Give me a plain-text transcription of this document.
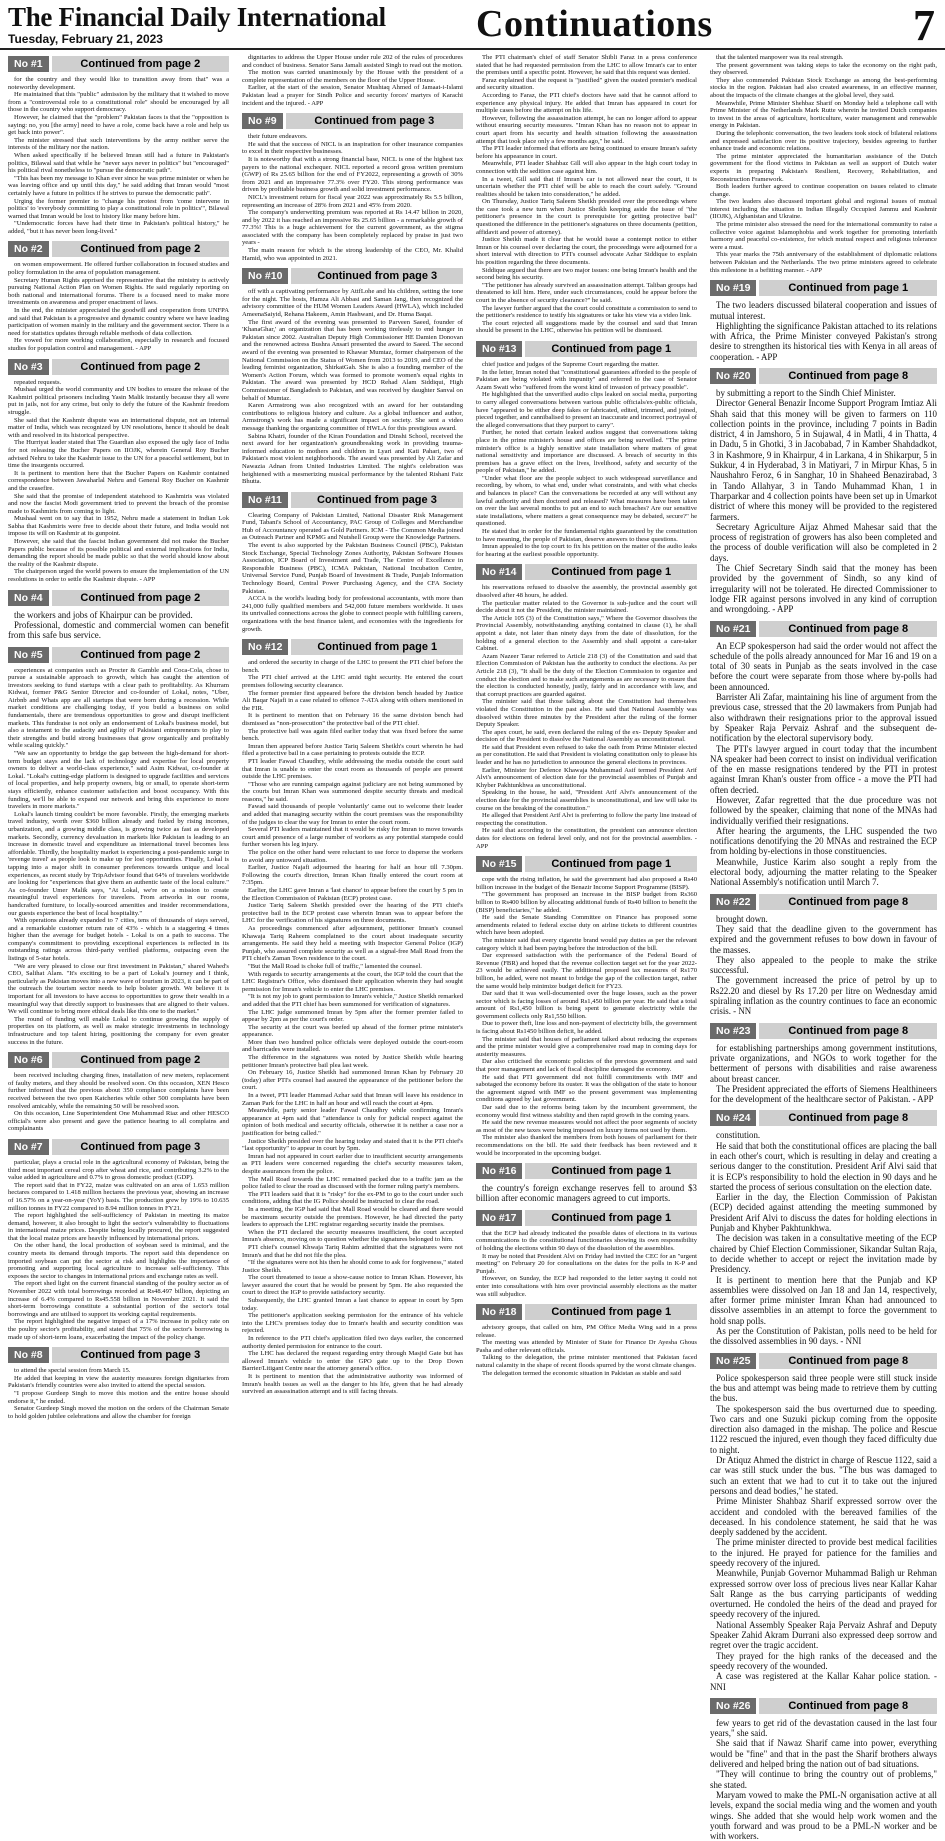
The Financial Daily International
Tuesday, February 21, 2023	Continuations	7
No #1	Continued from page 2

for the country and they would like to transition away from that" was a noteworthy development.

He maintained that this "public" admission by the military that it wished to move from a "controversial role to a constitutional role" should be encouraged by all those in the country who support democracy.

However, he claimed that the "problem" Pakistan faces is that the "opposition is saying: no, you [the army] need to have a role, come back have a role and help us get back into power".

The minister stressed that such interventions by the army neither serve the interests of the military nor the nation.

When asked specifically if he believed Imran still had a future in Pakistan's politics, Bilawal said that while he "never says never in politics" but "encouraged" his political rival nonetheless to "pursue the democratic path".

"This has been my message to Khan ever since he was prime minister or when he was leaving office and up until this day," he said adding that Imran would "most certainly have a future in politics if he strives to pursue the democratic path".

Urging the former premier to "change his protest from 'come intervene in politics' to 'everybody committing to play a constitutional role in politics'", Bilawal warned that Imran would be lost to history like many before him.

"Undemocratic forces have had their time in Pakistan's political history," he added, "but it has never been long-lived."

No #2	Continued from page 2

on women empowerment. He offered further collaboration in focused studies and policy formulation in the area of population management.

Secretary Human Rights apprised the representative that the ministry is actively pursuing National Action Plan on Women Rights. He said regularly reporting on both national and international forums. There is a focused need to make more investments on awareness and proper enactment of laws.

In the end, the minister appreciated the goodwill and cooperation from UNFPA and said that Pakistan is a progressive and dynamic country where we have leading participation of women mainly in the military and the government sector. There is a need for statistics updates through reliable methods of data collection.

He vowed for more working collaboration, especially in research and focused studies for population control and management. - APP

No #3	Continued from page 2

repeated requests.

Mushaal urged the world community and UN bodies to ensure the release of the Kashmiri political prisoners including Yasin Malik instantly because they all were put in jails, not for any crime, but only to defy the future of the Kashmir freedom struggle.

She said that the Kashmir dispute was an international dispute, not an internal matter of India, which was recognized by UN resolutions, hence it should be dealt with and resolved in its historical perspective.

The Hurriyat leader stated that The Guardian also exposed the ugly face of India for not releasing the Bucher Papers on IIOJK, wherein General Roy Bucher advised Nehru to take the Kashmir issue to the UN for a peaceful settlement, but in time the insurgents occurred.

It is pertinent to mention here that the Bucher Papers on Kashmir contained correspondence between Jawaharlal Nehru and General Roy Bucher on Kashmir and the ceasefire.

She said that the promise of independent statehood to Kashmiris was violated and now the fascist Modi government tried to prevent the breach of the promise made to Kashmiris from coming to light.

Mushaal went on to say that in 1952, Nehru made a statement in Indian Lok Sabha that Kashmiris were free to decide about their future, and India would not impose its will on Kashmir at its gunpoint.

However, she said that the fascist Indian government did not make the Bucher Papers public because of its possible political and external implications for India, demanding the report should be made public so that the world should know about the reality of the Kashmir dispute.

The chairperson urged the world powers to ensure the implementation of the UN resolutions in order to settle the Kashmir dispute. - APP

No #4	Continued from page 2

the workers and jobs of Khairpur can be provided.

Professional, domestic and commercial women can benefit from this safe bus service.

No #5	Continued from page 2

experiences at companies such as Procter & Gamble and Coca-Cola, chose to pursue a sustainable approach to growth, which has caught the attention of investors seeking to fund startups with a clear path to profitability. As Khurram Kidwai, former P&G Senior Director and co-founder of Lokal, notes, "Uber, Airbnb and Whats app are all startups that were born during a recession. While market conditions are challenging today, if you build a business on solid fundamentals, there are tremendous opportunities to grow and disrupt inefficient markets. This fundraise is not only an endorsement of Lokal's business model, but also a testament to the audacity and agility of Pakistani entrepreneurs to play to their strengths and build strong businesses that grow organically and profitably while scaling quickly."

"We saw an opportunity to bridge the gap between the high-demand for short-term budget stays and the lack of technology and expertise for local property owners to deliver a world-class experience," said Asim Kidwai, co-founder at Lokal. "Lokal's cutting-edge platform is designed to upgrade facilities and services of local properties, and help property owners, big or small, to operate short-term stays efficiently, enhance customer satisfaction and boost occupancy. With this funding, we'll be able to expand our network and bring this experience to more travelers in more markets."

Lokal's launch timing couldn't be more favorable. Firstly, the emerging markets travel industry, worth over $360 billion already and fueled by rising incomes, urbanization, and a growing middle class, is growing twice as fast as developed markets. Secondly, currency devaluation in markets like Pakistan is leading to an increase in domestic travel and expenditure as international travel becomes less affordable. Thirdly, the hospitality market is experiencing a post-pandemic surge in 'revenge travel' as people look to make up for lost opportunities. Finally, Lokal is tapping into a major shift in consumer preferences towards unique and local experiences, as recent study by TripAdvisor found that 64% of travelers worldwide are looking for "experiences that give them an authentic taste of the local culture." As co-founder Umer Malik says, "At Lokal, we're on a mission to create meaningful travel experiences for travelers. From artworks in our rooms, handcrafted furniture, to locally-sourced amenities and insider recommendations, our guests experience the best of local hospitality."

With operations already expanded to 7 cities, tens of thousands of stays served, and a remarkable customer return rate of 43% - which is a staggering 4 times higher than the average for budget hotels - Lokal is on a path to success. The company's commitment to providing exceptional experiences is reflected in its outstanding ratings across third-party verified platforms, outpacing even the listings of 5-star hotels.

"We are very pleased to close our first investment in Pakistan," shared Wahed's CEO, Salihat Alam. "It's exciting to be a part of Lokal's journey and I think, particularly as Pakistan moves into a new wave of tourism in 2023, it can be part of the outreach the tourism sector needs to help bolster growth. We believe it is important for all investors to have access to opportunities to grow their wealth in a meaningful way that directly support to businesses that are aligned to their values. We will continue to bring more ethical deals like this one to the market."

The round of funding will enable Lokal to continue growing the supply of properties on its platform, as well as make strategic investments in technology infrastructure and top talent hiring, positioning the company for even greater success in the future.

No #6	Continued from page 2

been received including charging fines, installation of new meters, replacement of faulty meters, and they should be resolved soon. On this occasion, XEN Hesco further informed that the previous about 350 compliance complaints have been received between the two open Katcheries while other 500 complaints have been resolved amicably, while the remaining 50 will be resolved soon.

On this occasion, Line Superintendent One Muhammad Riaz and other HESCO official's were also present and gave the patience hearing to all complains and complainants

No #7	Continued from page 3

particular, plays a crucial role in the agricultural economy of Pakistan, being the third most important cereal crop after wheat and rice, and contributing 3.2% to the value added in agriculture and 0.7% to gross domestic product (GDP).

The report said that in FY22, maize was cultivated on an area of 1.653 million hectares compared to 1.418 million hectares the previous year, showing an increase of 16.57% on a year-on-year (YoY) basis. The production grew by 19% to 10.635 million tonnes in FY22 compared to 8.94 million tonnes in FY21.

The report highlighted the self-sufficiency of Pakistan in meeting its maize demand, however, it also brought to light the sector's vulnerability to fluctuations in international maize prices. Despite being locally procured, the report suggested that the local maize prices are heavily influenced by international prices.

On the other hand, the local production of soybean seed is minimal, and the country meets its demand through imports. The report said this dependence on imported soybean can put the sector at risk and highlights the importance of promoting and supporting local agriculture to increase self-sufficiency. This exposes the sector to changes in international prices and exchange rates as well.

The report shed light on the current financial standing of the poultry sector as of November 2022 with total borrowings recorded at Rs48.497 billion, depicting an increase of 6.4% compared to Rs45.558 billion in November 2021. It said the short-term borrowings constitute a substantial portion of the sector's total borrowings and are utilised to support its working capital requirements.

The report highlighted the negative impact of a 17% increase in policy rate on the poultry sector's profitability, and stated that 75% of the sector's borrowing is made up of short-term loans, exacerbating the impact of the policy change.

No #8	Continued from page 3

to attend the special session from March 15.

He added that keeping in view the austerity measures foreign dignitaries from Pakistan's friendly countries were also invited to attend the special session.

"I propose Gurdeep Singh to move this motion and the entire house should endorse it," he ended.

Senator Gurdeep Singh moved the motion on the orders of the Chairman Senate to hold golden jubilee celebrations and allow the chamber for foreign

dignitaries to address the Upper House under rule 202 of the rules of procedures and conduct of business. Senator Sana Jamali assisted Singh to read out the motion.

The motion was carried unanimously by the House with the president of a complete representation of the members on the floor of the Upper House.

Earlier, at the start of the session, Senator Mushtaq Ahmed of Jamaat-i-Islami Pakistan lead a prayer for Sindh Police and security forces' martyrs of Karachi incident and the injured. - APP

No #9	Continued from page 3

their future endeavors.

He said that the success of NICL is an inspiration for other insurance companies to excel in their respective businesses.

It is noteworthy that with a strong financial base, NICL is one of the highest tax payers to the national exchequer. NICL reported a record gross written premium (GWP) of Rs 25.65 billion for the end of FY2022, representing a growth of 30% from 2021 and an impressive 77.3% over FY20. This strong performance was driven by profitable business growth and solid investment performance.

NICL's investment return for fiscal year 2022 was approximately Rs 5.5 billion, representing an increase of 28% from 2021 and 45% from 2020.

The company's underwriting premium was reported at Rs 14.47 billion in 2020, and by 2022 it has reached an impressive Rs 25.65 billion - a remarkable growth of 77.3%! This is a huge achievement for the current government, as the stigma associated with the company has been completely replaced by praise in just two years -

The main reason for which is the strong leadership of the CEO, Mr. Khalid Hamid, who was appointed in 2021.

No #10	Continued from page 3

off with a captivating performance by AttfLohe and his children, setting the tone for the night. The hosts, Hamza Ali Abbasi and Saman Jang, then recognized the advisory committee of the HUM Women Leaders Award (HWLA), which included AmeenaSaiyid, Rehana Hakeem, Amin Hashwani, and Dr. Huma Baqai.

The first award of the evening was presented to Parveen Saeed, founder of 'KhanaGhar,' an organization that has been working tirelessly to end hunger in Pakistan since 2002. Australian Deputy High Commissioner HE Damien Donovan and the renowned actress Bushra Ansari presented the award to Saeed. The second award of the evening was presented to Khawar Mumtaz, former chairperson of the National Commission on the Status of Women from 2013 to 2019, and CEO of the leading feminist organization, ShirkatGah. She is also a founding member of the Women's Action Forum, which was formed to promote women's equal rights in Pakistan. The award was presented by HCD Rehad Alam Siddiqui, High Commissioner of Bangladesh to Pakistan, and was received by daughter Sanval on behalf of Mumtaz.

Karen Armstrong was also recognized with an award for her outstanding contributions to religious history and culture. As a global influencer and author, Armstrong's work has made a significant impact on society. She sent a video message thanking the organizing committee of HWLA for this prestigious award.

Sabina Khatri, founder of the Kiran Foundation and Dinshi School, received the next award for her organization's groundbreaking work in providing trauma-informed education to mothers and children in Lyari and Kati Pahari, two of Pakistan's most violent neighborhoods. The award was presented by Ali Zafar and Nawazia Adnan from United Industries Limited. The night's celebration was heightened with a mesmerizing musical performance by the talented Rishani Faiz Bhutta.

No #11	Continued from page 3

Clearing Company of Pakistan Limited, National Disaster Risk Management Fund, Tabani's School of Accountancy, PAC Group of Colleges and Merchandise Hub of Accountancy operated as Gold Partners. ICM - The Common Media joined as Outreach Partner and KPMG and Nutshell Group were the Knowledge Partners.

The event is also supported by the Pakistan Business Council (PBC), Pakistan Stock Exchange, Special Technology Zones Authority, Pakistan Software Houses Association, ICP Board of Investment and Trade, The Centre of Excellence in Responsible Business (PBC), ICMA Pakistan, National Incubation Centre, Universal Service Fund, Punjab Board of Investment & Trade, Punjab Information Technology Board, Central Power Purchasing Agency, and the CFA Society Pakistan.

ACCA is the world's leading body for professional accountants, with more than 241,000 fully qualified members and 542,000 future members worldwide. It uses its unrivalled connections across the globe to connect people with fulfilling careers, organizations with the best finance talent, and economies with the ingredients for growth.

No #12	Continued from page 1

and ordered the security in charge of the LHC to present the PTI chief before the bench.

The PTI chief arrived at the LHC amid tight security. He entered the court premises following security clearance.

The former premier first appeared before the division bench headed by Justice Ali Baqar Najafi in a case related to offence 7-ATA along with others mentioned in the FIR.

It is pertinent to mention that on February 16 the same division bench had dismissed as "non-prosecution" the protective bail of the PTI chief.

The protective bail was again filed earlier today that was fixed before the same bench.

Imran then appeared before Justice Tariq Saleem Sheikh's court wherein he had filed a protective bail in a case pertaining to protests outside the ECP.

PTI leader Fawad Chaudhry, while addressing the media outside the court said that Imran is unable to enter the court room as thousands of people are present outside the LHC premises.

"Those who are running campaign against judiciary are not being summoned by the courts but Imran Khan was summoned despite security threats and medical reasons," he said.

Fawad said thousands of people 'voluntarily' came out to welcome their leader and added that managing security within the court premises was the responsibility of the judges to clear the way for Imran to enter the court room.

Several PTI leaders maintained that it would be risky for Imran to move towards court amid presence of a large number of workers as any potential stampede could further worsen his leg injury.

The police on the other hand were reluctant to use force to disperse the workers to avoid any untoward situation.

Earlier, Justice Najafi adjourned the hearing for half an hour till 7.30pm. Following the court's direction, Imran Khan finally entered the court room at 7:35pm.

Earlier, the LHC gave Imran a 'last chance' to appear before the court by 5 pm in the Election Commission of Pakistan (ECP) protest case.

Justice Tariq Saleem Sheikh presided over the hearing of the PTI chief's protective bail in the ECP protest case wherein Imran was to appear before the LHC for the verification of his signatures on three documents.

As proceedings commenced after adjournment, petitioner Imran's counsel Khawaja Tariq Raheem complained to the court about inadequate security arrangements. He said they held a meeting with Inspector General Police (IGP) Punjab, who assured complete security as well as a signal-free Mall Road from the PTI chief's Zaman Town residence to the court.

"But the Mall Road is choke full of traffic," lamented the counsel.

With regards to security arrangements at the court, the IGP told the court that the LHC Registrar's Office, who dismissed their application wherein they had sought permission for Imran's vehicle to enter the LHC premises.

"It is not my job to grant permission to Imran's vehicle," Justice Sheikh remarked and added that the PTI chief has been summoned for verification of signatures.

The LHC judge summoned Imran by 5pm after the former premier failed to appear by 2pm as per the court's order.

The security at the court was beefed up ahead of the former prime minister's appearance.

More than two hundred police officials were deployed outside the court-room and barricades were installed.

The difference in the signatures was noted by Justice Sheikh while hearing petitioner Imran's protective bail plea last week.

On February 16, Justice Sheikh had summoned Imran Khan by February 20 (today) after PTI's counsel had assured the appearance of the petitioner before the court.

In a tweet, PTI leader Hammad Azhar said that Imran will leave his residence in Zaman Park for the LHC in half an hour and will reach the court at 4pm.

Meanwhile, party senior leader Fawad Chaudhry while confirming Imran's appearance at 4pm said that "attendance is only for judicial respect against the opinion of both medical and security officials, otherwise it is neither a case nor a justification for being called."

Justice Sheikh presided over the hearing today and stated that it is the PTI chief's "last opportunity" to appear in court by 5pm.

Imran had not appeared in court earlier due to insufficient security arrangements as PTI leaders were concerned regarding the chief's security measures taken, despite assurances from the police.

The Mall Road towards the LHC remained packed due to a traffic jam as the police failed to clear the road as discussed with the former ruling party's members.

The PTI leaders said that it is "risky" for the ex-PM to go to the court under such conditions, adding that the IG Police should be instructed to clear the road.

In a meeting, the IGP had said that Mall Road would be cleared and there would be maximum security outside the premises. However, he had directed the party leaders to approach the LHC registrar regarding security inside the premises.

When the PTI declared the security measures insufficient, the court accepted Imran's absence, moving on to question whether the signatures belonged to him.

PTI chief's counsel Khwaja Tariq Rahim admitted that the signatures were not Imran's and that he did not file the plea.

"If the signatures were not his then he should come to ask for forgiveness," stated Justice Sheikh.

The court threatened to issue a show-cause notice to Imran Khan. However, his lawyer assured the court that he would be present by 5pm. He also requested the court to direct the IGP to provide satisfactory security.

Subsequently, the LHC granted Imran a last chance to appear in court by 5pm today.

The petitioner's application seeking permission for the entrance of his vehicle into the LHC's premises today due to Imran's health and security condition was rejected.

In reference to the PTI chief's application filed two days earlier, the concerned authority denied permission for entrance to the court.

The LHC has declared the request regarding entry through Masjid Gate but has allowed Imran's vehicle to enter the GPO gate up to the Drop Down Barrier/Litigant Centre near the attorney general's office.

It is pertinent to mention that the administrative authority was informed of Imran's health issues as well as the danger to his life, given that he had already survived an assassination attempt and is still facing threats.

The PTI chairman's chief of staff Senator Shibli Faraz in a press conference stated that he had requested permission from the LHC to allow Imran's car to enter the premises until a specific point. However, he said that this request was denied.

Faraz explained that the request is "justified" given the ousted premier's medical and security situation.

According to Faraz, the PTI chief's doctors have said that he cannot afford to experience any physical injury. He added that Imran has appeared in court for multiple cases before the attempt on his life.

However, following the assassination attempt, he can no longer afford to appear without ensuring security measures. "Imran Khan has no reason not to appear in court apart from his security and health situation following the assassination attempt that took place only a few months ago," he said.

The PTI leader informed that efforts are being continued to ensure Imran's safety before his appearance in court.

Meanwhile, PTI leader Shahbaz Gill will also appear in the high court today in connection with the sedition case against him.

In a tweet, Gill said that if Imran's car is not allowed near the court, it is uncertain whether the PTI chief will be able to reach the court safely. "Ground realities should be taken into consideration," he added.

On Thursday, Justice Tariq Saleem Sheikh presided over the proceedings where the case took a new turn when Justice Sheikh keeping aside the issue of "the petitioner's presence in the court is prerequisite for getting protective bail" questioned the difference in the petitioner's signatures on three documents (petition, affidavit and power of attorney).

Justice Sheikh made it clear that he would issue a contempt notice to either Imran or his counsel over declaring the court, the proceedings were adjourned for a short interval with direction to PTI's counsel advocate Azhar Siddique to explain his position regarding the three documents.

Siddique argued that there are two major issues: one being Imran's health and the second being his security.

"The petitioner has already survived an assassination attempt. Taliban groups had threatened to kill him. Here, under such circumstances, could he appear before the court in the absence of security clearance?" he said.

The lawyer further argued that the court could constitute a commission to send to the petitioner's residence to testify his signatures or take his view via a video link.

The court rejected all suggestions made by the counsel and said that Imran should be present in the LHC, otherwise his petition will be dismissed.

No #13	Continued from page 1

chief justice and judges of the Supreme Court regarding the matter.

In the letter, Imran noted that "constitutional guarantees afforded to the people of Pakistan are being violated with impunity" and referred to the case of Senator Azam Swati who "suffered from the worst kind of invasion of privacy possible".

He highlighted that the unverified audio clips leaked on social media, purporting to carry alleged conversations between various public officials/ex-public officials, have "appeared to be either deep fakes or fabricated, edited, trimmed, and joined, pieced together, and cannibalised to present an inaccurate and incorrect portrayal of the alleged conversations that they purport to carry".

Further, he noted that certain leaked audios suggest that conversations taking place in the prime minister's house and offices are being surveilled. "The prime minister's office is a highly sensitive state installation where matters of great national sensitivity and importance are discussed. A breach of security in this premises has a grave effect on the lives, livelihood, safety and security of the people of Pakistan," he added.

"Under what floor are the people subject to such widespread surveillance and recording, by whom, to what end, under what constraints, and with what checks and balances in place? Can the conversations be recorded at any will without any lawful authority and then doctored and released? What measures have been taken on over the last several months to put an end to such breaches? Are our sensitive state installations, where matters a great consequence may be debated, secure?" he questioned.

He stated that in order for the fundamental rights guaranteed by the constitution to have meaning, the people of Pakistan, deserve answers to these questions.

Imran appealed to the top court to fix his petition on the matter of the audio leaks for hearing at the earliest possible opportunity.

No #14	Continued from page 1

his reservations refused to dissolve the assembly, the provincial assembly got dissolved after 48 hours, he added.

The particular matter related to the Governor is sub-judice and the court will decide about it not the President, the minister maintained.

The Article 105 (3) of the Constitution says," Where the Governor dissolves the Provincial Assembly, notwithstanding anything contained in clause (1), he shall appoint a date, not later than ninety days from the date of dissolution, for the holding of a general election to the Assembly and shall appoint a care-taker Cabinet.

Azam Nazeer Tarar referred to Article 218 (3) of the Constitution and said that Election Commission of Pakistan has the authority to conduct the elections. As per Article 218 (3), "It shall be the duty of the Election Commission to organize and conduct the election and to make such arrangements as are necessary to ensure that the election is conducted honestly, justly, fairly and in accordance with law, and that corrupt practices are guarded against.

The minister said that those talking about the Constitution had themselves violated the Constitution in the past also. He said that National Assembly was dissolved within three minutes by the President after the ruling of the former Deputy Speaker.

The apex court, he said, even declared the ruling of the ex- Deputy Speaker and decision of the President to dissolve the National Assembly as unconstitutional.

He said that President even refused to take the oath from Prime Minister elected as per constitution. He said that President is violating constitution only to please his leader and he has no jurisdiction to announce the general elections in provinces.

Earlier, Minister for Defence Khawaja Muhammad Asif termed President Arif Alvi's announcement of election date for the provincial assemblies of Punjab and Khyber Pakhtunkhwa as unconstitutional.

Speaking in the house, he said, "President Arif Alvi's announcement of the election date for the provincial assemblies is unconstitutional, and law will take its course on the breaking of the constitution."

He alleged that President Arif Alvi is preferring to follow the party line instead of respecting the constitution.

He said that according to the constitution, the president can announce election dates for elections on federal level only, and not for the provincial assemblies. - APP

No #15	Continued from page 1

cope with the rising inflation, he said the government had also proposed a Rs40 billion increase in the budget of the Benazir Income Support Programme (BISP).

"The government has proposed an increase in the BISP budget from Rs360 billion to Rs400 billion by allocating additional funds of Rs40 billion to benefit the (BISP) beneficiaries," he added.

He said the Senate Standing Committee on Finance has proposed some amendments related to federal excise duty on airline tickets to different countries which have been adopted.

The minister said that every cigarette brand would pay duties as per the relevant category which it had been paying before the introduction of the bill.

Dar expressed satisfaction with the performance of the Federal Board of Revenue (FBR) and hoped that the revenue collection target set for the year 2022-23 would be achieved easily. The additional proposed tax measures of Rs170 billion, he added, were not meant to bridge the gap of the collection target, rather the same would help minimize budget deficit for FY23.

Dar said that it was well-documented over the huge losses, such as the power sector which is facing losses of around Rs1,450 billion per year. He said that a total amount of Rs1,450 billion is being spent to generate electricity while the government collects only Rs1,550 billion.

Due to power theft, line loss and non-payment of electricity bills, the government is facing about Rs1450 billion deficit, he added.

The minister said that houses of parliament talked about reducing the expenses and the prime minister would give a comprehensive road map in coming days for austerity measures.

Dar also criticised the economic policies of the previous government and said that poor management and lack of fiscal discipline damaged the economy.

He said that PTI government did not fulfill commitments with IMF and sabotaged the economy before its ouster. It was the obligation of the state to honour the agreement signed with IMF so the present government was implementing conditions agreed by last government.

Dar said due to the reforms being taken by the incumbent government, the economy would first witness stability and then rapid growth in the coming years.

He said the new revenue measures would not affect the poor segments of society as most of the new taxes were being imposed on luxury items not used by them.

The minister also thanked the members from both houses of parliament for their recommendations on the bill. He said their feedback has been reviewed and it would be incorporated in the upcoming budget.

No #16	Continued from page 1

the country's foreign exchange reserves fell to around $3 billion after economic managers agreed to cut imports.

No #17	Continued from page 1

that the ECP had already indicated the possible dates of elections in its various communications to the constitutional functionaries showing its own responsibility of holding the elections within 90 days of the dissolution of the assemblies.

It may be noted that President Alvi on Friday had invited the CEC for an "urgent meeting" on February 20 for consultations on the dates for the polls in K-P and Punjab.

However, on Sunday, the ECP had responded to the letter saying it could not enter into consultations with him over provincial assembly elections as the matter was still subjudice.

No #18	Continued from page 1

advisory groups, that called on him, PM Office Media Wing said in a press release.

The meeting was attended by Minister of State for Finance Dr Ayesha Ghous Pasha and other relevant officials.

Talking to the delegation, the prime minister mentioned that Pakistan faced natural calamity in the shape of recent floods spurred by the worst climate changes.

The delegation termed the economic situation in Pakistan as stable and said

that the talented manpower was its real strength.

The present government was taking steps to take the economy on the right path, they observed.

They also commended Pakistan Stock Exchange as among the best-performing stocks in the region. Pakistan had also created awareness, in an effective manner, about the impacts of the climate changes at the global level, they said.

Meanwhile, Prime Minister Shehbaz Sharif on Monday held a telephone call with Prime Minister of the Netherlands Mark Rutte wherein he invited Dutch companies to invest in the areas of agriculture, horticulture, water management and renewable energy in Pakistan.

During the telephonic conversation, the two leaders took stock of bilateral relations and expressed satisfaction over its positive trajectory, besides agreeing to further enhance trade and economic relations.

The prime minister appreciated the humanitarian assistance of the Dutch government for the flood victims in Pakistan as well as support of Dutch water experts in preparing Pakistan's Resilient, Recovery, Rehabilitation, and Reconstruction Framework.

Both leaders further agreed to continue cooperation on issues related to climate change.

The two leaders also discussed important global and regional issues of mutual interest including the situation in Indian Illegally Occupied Jammu and Kashmir (IIOJK), Afghanistan and Ukraine.

The prime minister also stressed the need for the international community to raise a collective voice against Islamophobia and work together for promoting interfaith harmony and peaceful co-existence, for which mutual respect and religious tolerance were a must.

This year marks the 75th anniversary of the establishment of diplomatic relations between Pakistan and the Netherlands. The two prime ministers agreed to celebrate this milestone in a befitting manner. - APP

No #19	Continued from page 1

The two leaders discussed bilateral cooperation and issues of mutual interest.

Highlighting the significance Pakistan attached to its relations with Africa, the Prime Minister conveyed Pakistan's strong desire to strengthen its historical ties with Kenya in all areas of cooperation. - APP

No #20	Continued from page 8

by submitting a report to the Sindh Chief Minister.

Director General Benazir Income Support Program Imtiaz Ali Shah said that this money will be given to farmers on 110 collection points in the province, including 7 points in Badin district, 4 in Jamshoro, 5 in Sujawal, 4 in Matli, 4 in Thatta, 4 in Dadu, 5 in Ghotki, 3 in Jacobabad, 7 in Kamber Shahdadkot, 3 in Kashmore, 9 in Khairpur, 4 in Larkana, 4 in Shikarpur, 5 in Sukkur, 4 in Hyderabad, 3 in Matiyari, 7 in Mirpur Khas, 5 in Naushahro Feroz, 6 in Sanghar, 10 in Shaheed Benazirabad, 3 in Tando Allahyar, 3 in Tando Muhammad Khan, 1 in Tharparkar and 4 collection points have been set up in Umarkot district of where this money will be provided to the registered farmers.

Secretary Agriculture Aijaz Ahmed Mahesar said that the process of registration of growers has also been completed and the process of double verification will also be completed in 2 days.

The Chief Secretary Sindh said that the money has been provided by the government of Sindh, so any kind of irregularity will not be tolerated. He directed Commissioner to lodge FIR against persons involved in any kind of corruption and wrongdoing. - APP

No #21	Continued from page 8

An ECP spokesperson had said the order would not affect the schedule of the polls already announced for Mar 16 and 19 on a total of 30 seats in Punjab as the seats involved in the case before the court were separate from those where by-polls had been announced.

Barrister Ali Zafar, maintaining his line of argument from the previous case, stressed that the 20 lawmakers from Punjab had also withdrawn their resignations prior to the approval issued by Speaker Raja Pervaiz Ashraf and the subsequent de-notification by the electoral supervisory body.

The PTI's lawyer argued in court today that the incumbent NA speaker had been correct to insist on individual verification of the en masse resignations tendered by the PTI in protest against Imran Khan's ouster from office - a move the PTI had often decried.

However, Zafar regretted that the due procedure was not followed by the speaker, claiming that none of the MNAs had individually verified their resignations.

After hearing the arguments, the LHC suspended the two notifications denotifying the 20 MNAs and restrained the ECP from holding by-elections in those constituencies.

Meanwhile, Justice Karim also sought a reply from the electoral body, adjourning the matter relating to the Speaker National Assembly's notification until March 7.

No #22	Continued from page 8

brought down.

They said that the deadline given to the government has expired and the government refuses to bow down in favour of the masses.

They also appealed to the people to make the strike successful.

The government increased the price of petrol by up to Rs22.20 and diesel by Rs 17.20 per litre on Wednesday amid spiraling inflation as the country continues to face an economic crisis. - NN

No #23	Continued from page 8

for establishing partnerships among government institutions, private organizations, and NGOs to work together for the betterment of persons with disabilities and raise awareness about breast cancer.

The President appreciated the efforts of Siemens Healthineers for the development of the healthcare sector of Pakistan. - APP

No #24	Continued from page 8

constitution.

He said that both the constitutional offices are placing the ball in each other's court, which is resulting in delay and creating a serious danger to the constitution. President Arif Alvi said that it is ECP's responsibility to hold the election in 90 days and he started the process of serious consultation on the election date.

Earlier in the day, the Election Commission of Pakistan (ECP) decided against attending the meeting summoned by President Arif Alvi to discuss the dates for holding elections in Punjab and Khyber Pakhtunkhwa.

The decision was taken in a consultative meeting of the ECP chaired by Chief Election Commissioner, Sikandar Sultan Raja, to decide whether to accept or reject the invitation made by Presidency.

It is pertinent to mention here that the Punjab and KP assemblies were dissolved on Jan 18 and Jan 14, respectively, after former prime minister Imran Khan had announced to dissolve assemblies in an attempt to force the government to hold snap polls.

As per the Constitution of Pakistan, polls need to be held for the dissolved assemblies in 90 days. - NNI

No #25	Continued from page 8

Police spokesperson said three people were still stuck inside the bus and attempt was being made to retrieve them by cutting the bus.

The spokesperson said the bus overturned due to speeding. Two cars and one Suzuki pickup coming from the opposite direction also damaged in the mishap. The police and Rescue 1122 rescued the injured, even though they faced difficulty due to night.

Dr Atiquz Ahmed the district in charge of Rescue 1122, said a car was still stuck under the bus. "The bus was damaged to such an extent that we had to cut it to take out the injured persons and dead bodies," he stated.

Prime Minister Shahbaz Sharif expressed sorrow over the accident and condoled with the bereaved families of the deceased. In his condolence statement, he said that he was deeply saddened by the accident.

The prime minister directed to provide best medical facilities to the injured. He prayed for patience for the families and speedy recovery of the injured.

Meanwhile, Punjab Governor Muhammad Baligh ur Rehman expressed sorrow over loss of precious lives near Kallar Kahar Salt Range as the bus carrying participants of wedding overturned. He condoled the heirs of the dead and prayed for speedy recovery of the injured.

National Assembly Speaker Raja Pervaiz Ashraf and Deputy Speaker Zahid Akram Durrani also expressed deep sorrow and regret over the tragic accident.

They prayed for the high ranks of the deceased and the speedy recovery of the wounded.

A case was registered at the Kallar Kahar police station. - NNI

No #26	Continued from page 8

few years to get rid of the devastation caused in the last four years," she said.

She said that if Nawaz Sharif came into power, everything would be "fine" and that in the past the Sharif brothers always delivered and helped bring the nation out of bad situations.

"They will continue to bring the country out of problems," she stated.

Maryam vowed to make the PML-N organisation active at all levels, expand the social media wing and the women and youth wings. She added that she would help work women and the youth forward and was proud to be a PML-N worker and be with workers.
